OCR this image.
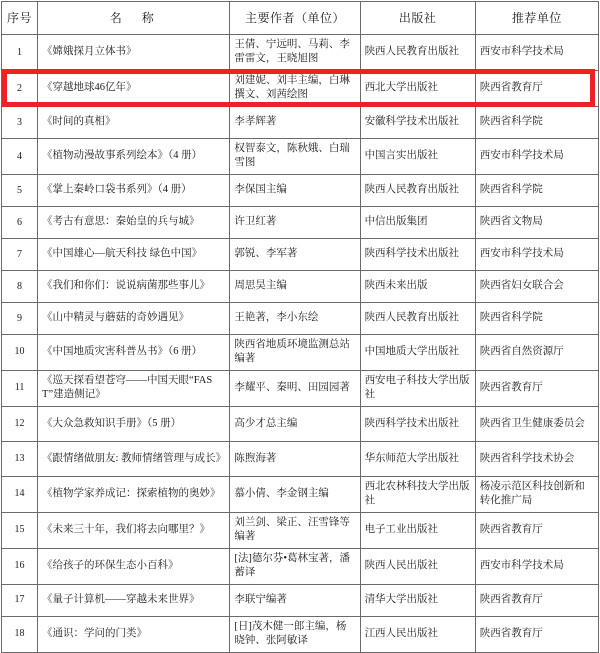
序号	名　称	主要作者（单位）	出版社	推荐单位
1	《嫦娥探月立体书》	王倩、宁远明、马莉、李雷雷文，王晓旭图	陕西人民教育出版社	西安市科学技术局
2	《穿越地球46亿年》	刘建妮、刘丰主编，白琳撰文、刘茜绘图	西北大学出版社	陕西省教育厅
3	《时间的真相》	李孝辉著	安徽科学技术出版社	陕西省科学院
4	《植物动漫故事系列绘本》（4 册）	权智泰文，陈秋娥、白瑞雪图	中国言实出版社	西安市科学技术局
5	《掌上秦岭口袋书系列》（4 册）	李保国主编	陕西人民教育出版社	陕西省科学院
6	《考古有意思：秦始皇的兵与城》	许卫红著	中信出版集团	陕西省文物局
7	《中国雄心—航天科技 绿色中国》	郭锐、李军著	陕西科学技术出版社	西安市科学技术局
8	《我们和你们：说说病菌那些事儿》	周思昊主编	陕西未来出版	陕西省妇女联合会
9	《山中精灵与蘑菇的奇妙遇见》	王艳著，李小东绘	陕西人民教育出版社	陕西省科学院
10	《中国地质灾害科普丛书》（6 册）	陕西省地质环境监测总站编著	中国地质大学出版社	陕西省自然资源厅
11	《巡天探看望苍穹——中国天眼“FAST”建造侧记》	李耀平、秦明、田园园著	西安电子科技大学出版社	陕西省教育厅
12	《大众急救知识手册》（5 册）	高少才总主编	陕西科学技术出版社	陕西省卫生健康委员会
13	《跟情绪做朋友: 教师情绪管理与成长》	陈煦海著	华东师范大学出版社	陕西省科学技术协会
14	《植物学家养成记：探索植物的奥妙》	慕小倩、李金钢主编	西北农林科技大学出版社	杨凌示范区科技创新和转化推广局
15	《未来三十年，我们将去向哪里？》	刘兰剑、梁正、汪雪锋等编著	电子工业出版社	陕西省教育厅
16	《给孩子的环保生态小百科》	[法]德尔芬•葛林宝著，潘蓄译	陕西人民出版社	西安市科学技术局
17	《量子计算机——穿越未来世界》	李联宁编著	清华大学出版社	陕西省教育厅
18	《通识：学问的门类》	[日]茂木健一郎主编，杨晓钟、张阿敏译	江西人民出版社	陕西省教育厅
